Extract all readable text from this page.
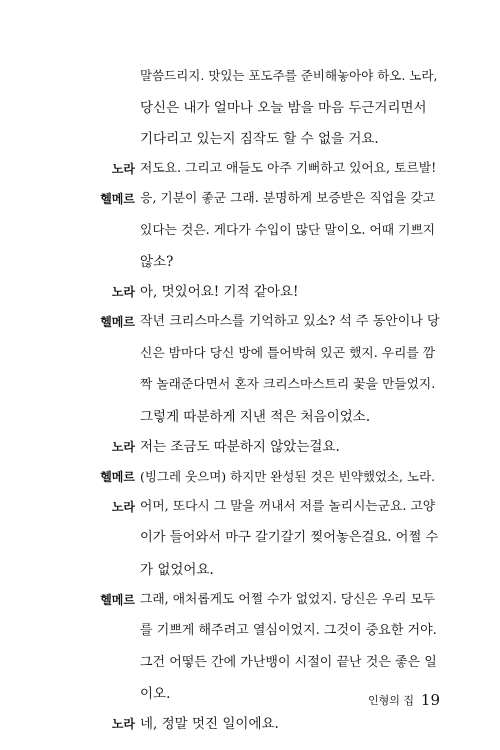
말씀드리지. 맛있는 포도주를 준비해놓아야 하오. 노라,
당신은 내가 얼마나 오늘 밤을 마음 두근거리면서
기다리고 있는지 짐작도 할 수 없을 거요.
노라 저도요. 그리고 애들도 아주 기뻐하고 있어요, 토르발!
헬메르 응, 기분이 좋군 그래. 분명하게 보증받은 직업을 갖고
있다는 것은. 게다가 수입이 많단 말이오. 어때 기쁘지
않소?
노라 아, 멋있어요! 기적 같아요!
헬메르 작년 크리스마스를 기억하고 있소? 석 주 동안이나 당
신은 밤마다 당신 방에 틀어박혀 있곤 했지. 우리를 깜
짝 놀래준다면서 혼자 크리스마스트리 꽃을 만들었지.
그렇게 따분하게 지낸 적은 처음이었소.
노라 저는 조금도 따분하지 않았는걸요.
헬메르 (빙그레 웃으며) 하지만 완성된 것은 빈약했었소, 노라.
노라 어머, 또다시 그 말을 꺼내서 저를 놀리시는군요. 고양
이가 들어와서 마구 갈기갈기 찢어놓은걸요. 어쩔 수
가 없었어요.
헬메르 그래, 애처롭게도 어쩔 수가 없었지. 당신은 우리 모두
를 기쁘게 해주려고 열심이었지. 그것이 중요한 거야.
그건 어떻든 간에 가난뱅이 시절이 끝난 것은 좋은 일
이오.
노라 네, 정말 멋진 일이에요.
인형의 집 19
